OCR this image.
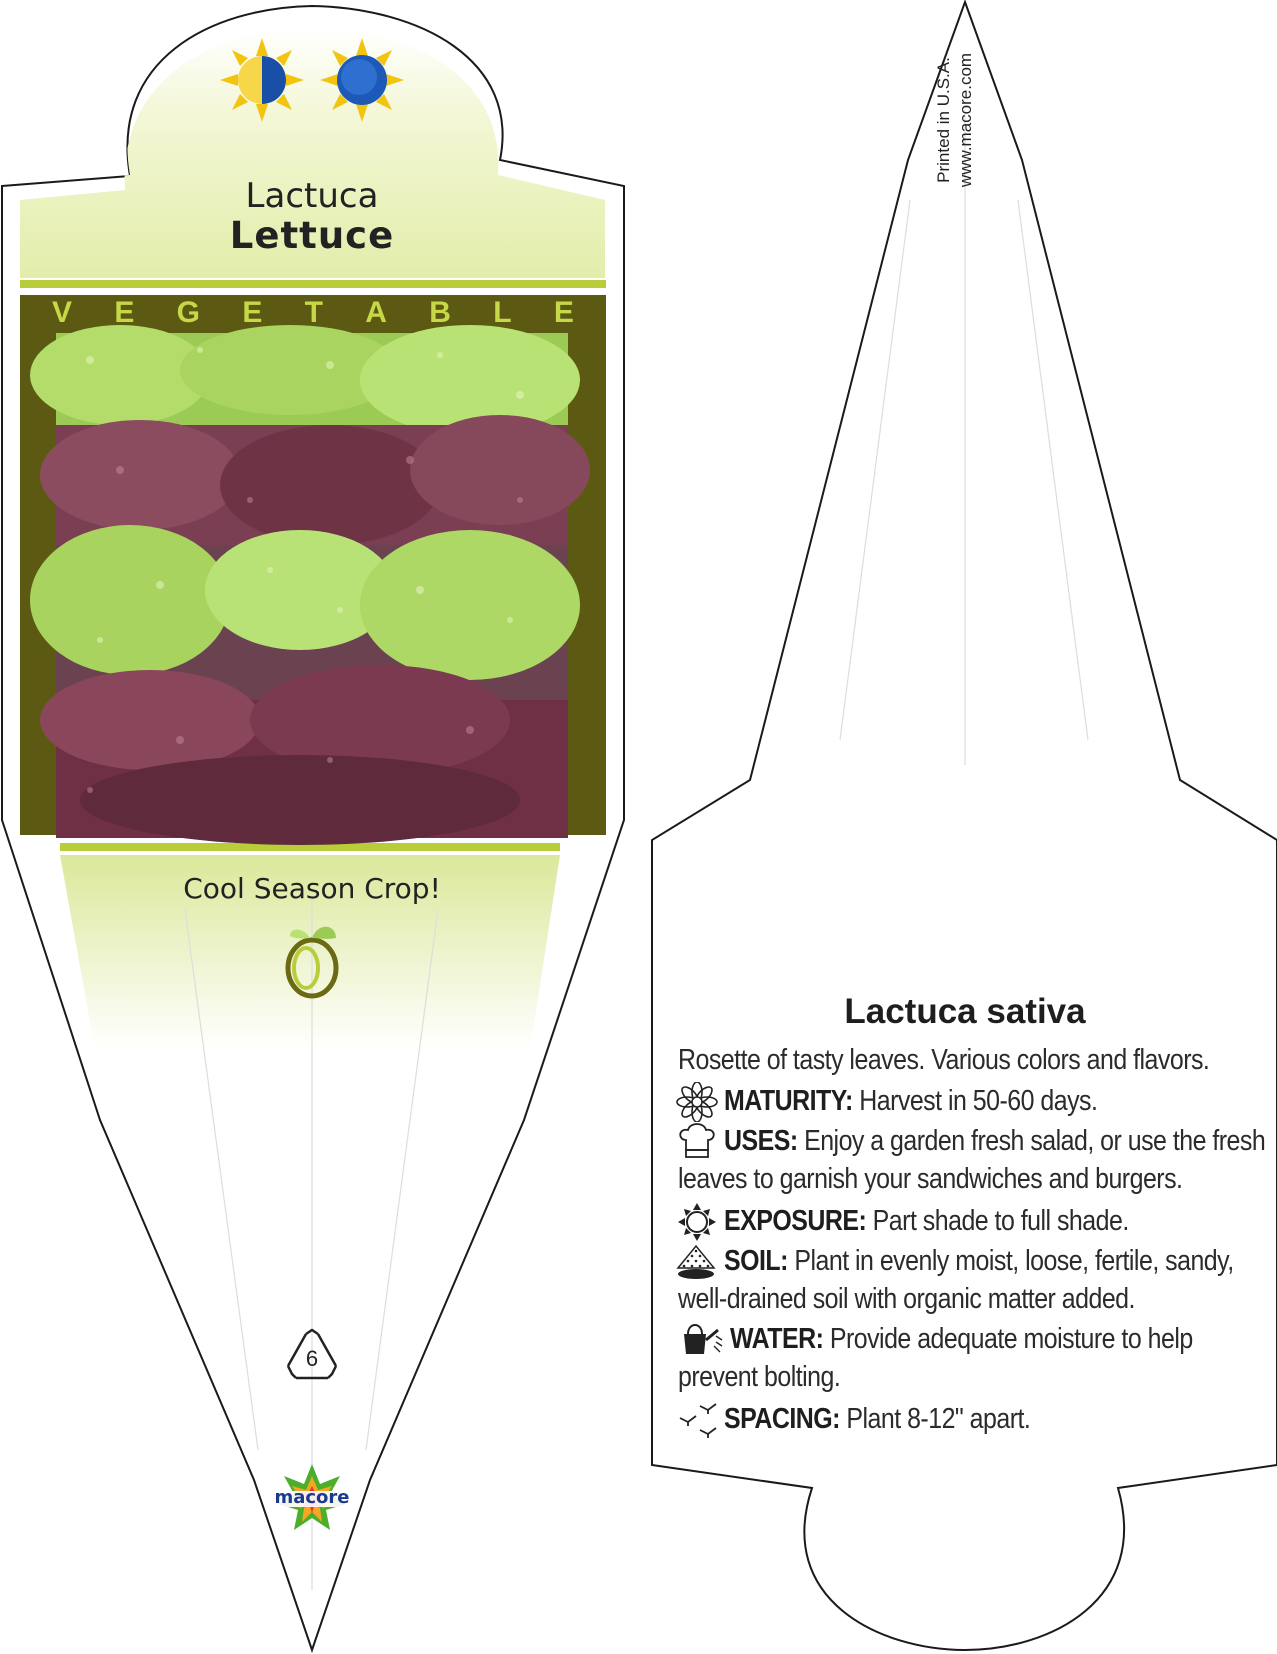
Lactuca
Lettuce
V E G E T A B L E
Cool Season Crop!
6
macore
Printed in U.S.A. www.macore.com
Lactuca sativa
Rosette of tasty leaves. Various colors and flavors.
MATURITY: Harvest in 50-60 days.
USES: Enjoy a garden fresh salad, or use the fresh
leaves to garnish your sandwiches and burgers.
EXPOSURE: Part shade to full shade.
SOIL: Plant in evenly moist, loose, fertile, sandy,
well-drained soil with organic matter added.
WATER: Provide adequate moisture to help
prevent bolting.
SPACING: Plant 8-12" apart.
